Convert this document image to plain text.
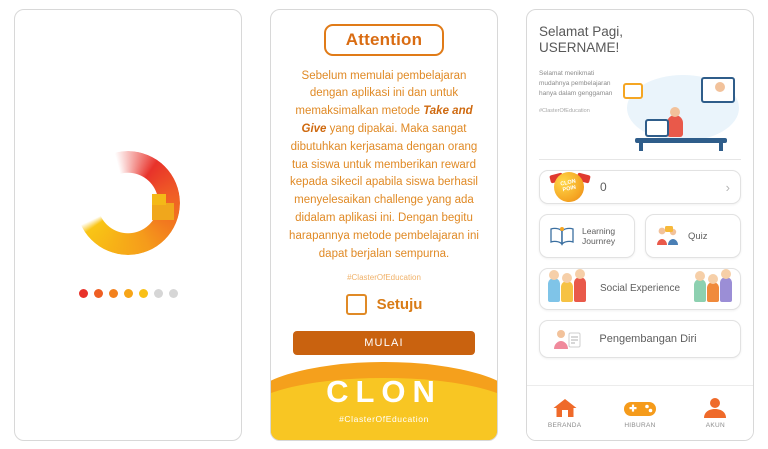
Attention
Sebelum memulai pembelajaran dengan aplikasi ini dan untuk memaksimalkan metode Take and Give yang dipakai. Maka sangat dibutuhkan kerjasama dengan orang tua siswa untuk memberikan reward kepada sikecil apabila siswa berhasil menyelesaikan challenge yang ada didalam aplikasi ini. Dengan begitu harapannya metode pembelajaran ini dapat berjalan sempurna.
#ClasterOfEducation
Setuju
MULAI
CLON
#ClasterOfEducation
Selamat Pagi,
USERNAME!
Selamat menikmati mudahnya pembelajaran hanya dalam genggaman
#ClasterOfEducation
CLON POIN	0	›
Learning Journrey	Quiz
Social Experience
Pengembangan Diri
BERANDA	HIBURAN	AKUN
